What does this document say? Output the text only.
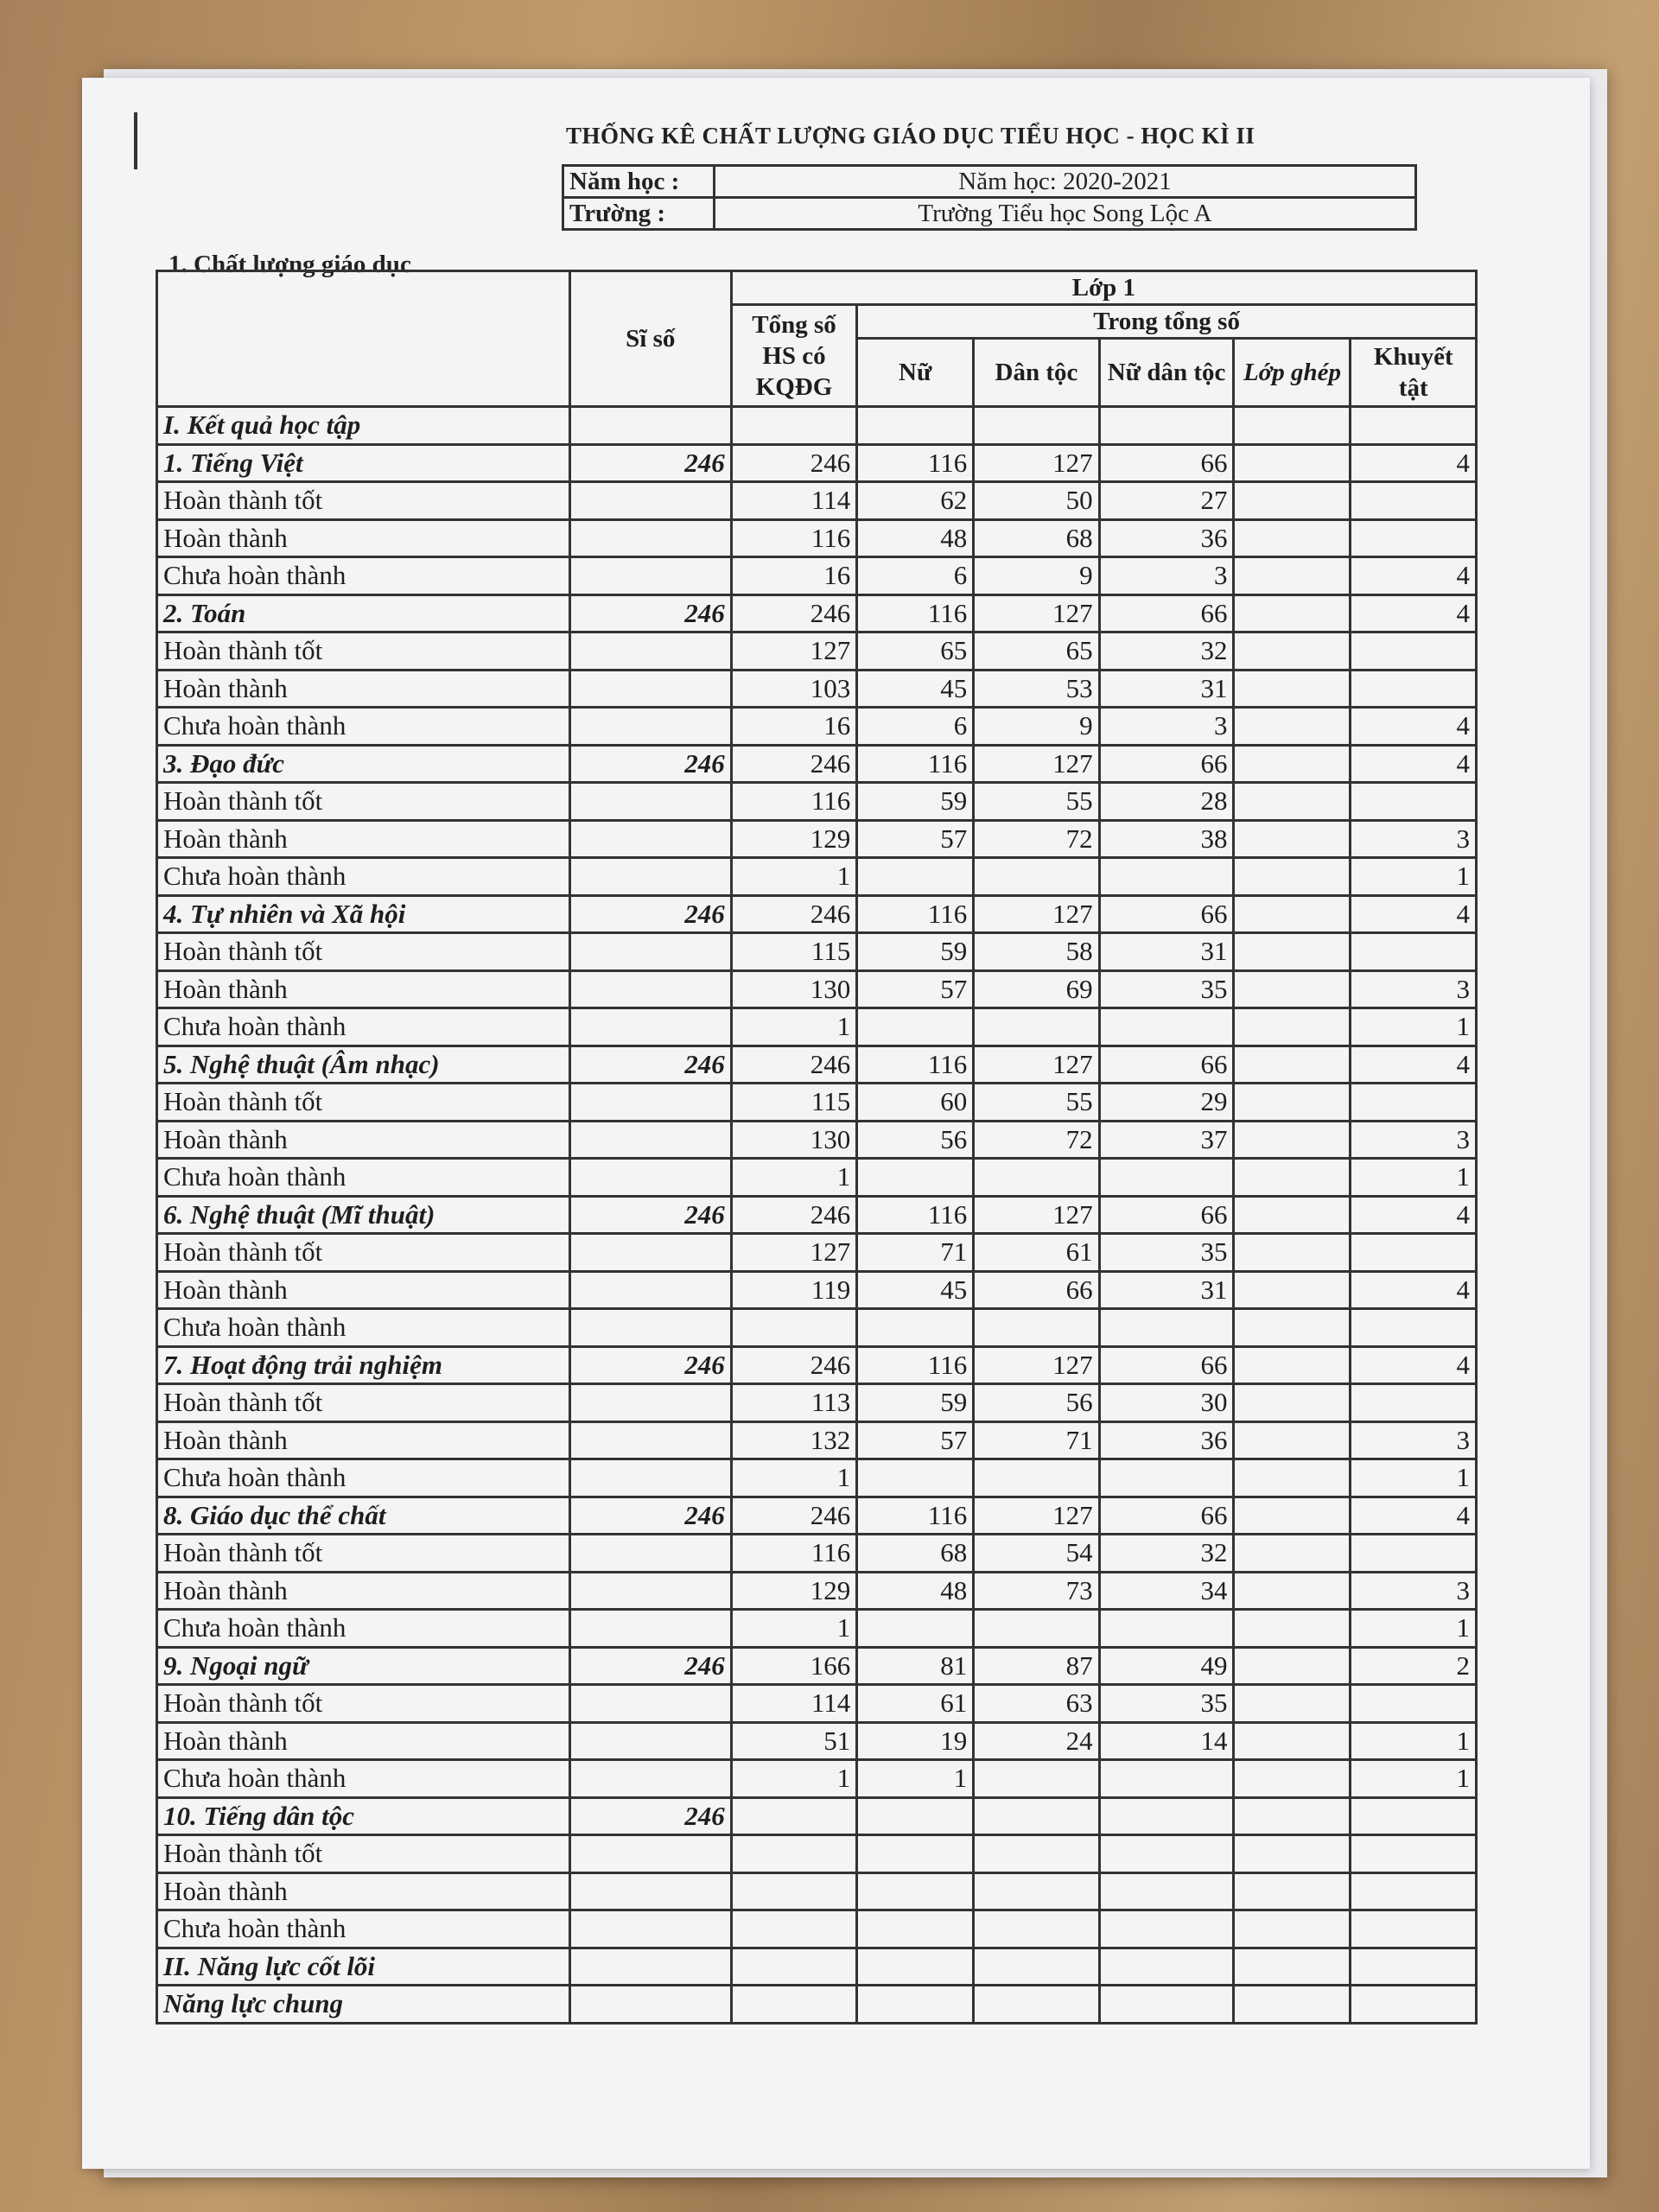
THỐNG KÊ CHẤT LƯỢNG GIÁO DỤC TIỂU HỌC - HỌC KÌ II
Năm học :	Năm học: 2020-2021
Trường :	Trường Tiểu học Song Lộc A
1. Chất lượng giáo dục
	Sĩ số	Lớp 1					
		Tổng số HS có KQĐG	Trong tổng số				
			Nữ	Dân tộc	Nữ dân tộc	Lớp ghép	Khuyết tật
I. Kết quả học tập							
1. Tiếng Việt	246	246	116	127	66		4
Hoàn thành tốt		114	62	50	27		
Hoàn thành		116	48	68	36		
Chưa hoàn thành		16	6	9	3		4
2. Toán	246	246	116	127	66		4
Hoàn thành tốt		127	65	65	32		
Hoàn thành		103	45	53	31		
Chưa hoàn thành		16	6	9	3		4
3. Đạo đức	246	246	116	127	66		4
Hoàn thành tốt		116	59	55	28		
Hoàn thành		129	57	72	38		3
Chưa hoàn thành		1					1
4. Tự nhiên và Xã hội	246	246	116	127	66		4
Hoàn thành tốt		115	59	58	31		
Hoàn thành		130	57	69	35		3
Chưa hoàn thành		1					1
5. Nghệ thuật (Âm nhạc)	246	246	116	127	66		4
Hoàn thành tốt		115	60	55	29		
Hoàn thành		130	56	72	37		3
Chưa hoàn thành		1					1
6. Nghệ thuật (Mĩ thuật)	246	246	116	127	66		4
Hoàn thành tốt		127	71	61	35		
Hoàn thành		119	45	66	31		4
Chưa hoàn thành							
7. Hoạt động trải nghiệm	246	246	116	127	66		4
Hoàn thành tốt		113	59	56	30		
Hoàn thành		132	57	71	36		3
Chưa hoàn thành		1					1
8. Giáo dục thể chất	246	246	116	127	66		4
Hoàn thành tốt		116	68	54	32		
Hoàn thành		129	48	73	34		3
Chưa hoàn thành		1					1
9. Ngoại ngữ	246	166	81	87	49		2
Hoàn thành tốt		114	61	63	35		
Hoàn thành		51	19	24	14		1
Chưa hoàn thành		1	1				1
10. Tiếng dân tộc	246						
Hoàn thành tốt							
Hoàn thành							
Chưa hoàn thành							
II. Năng lực cốt lõi							
Năng lực chung							
